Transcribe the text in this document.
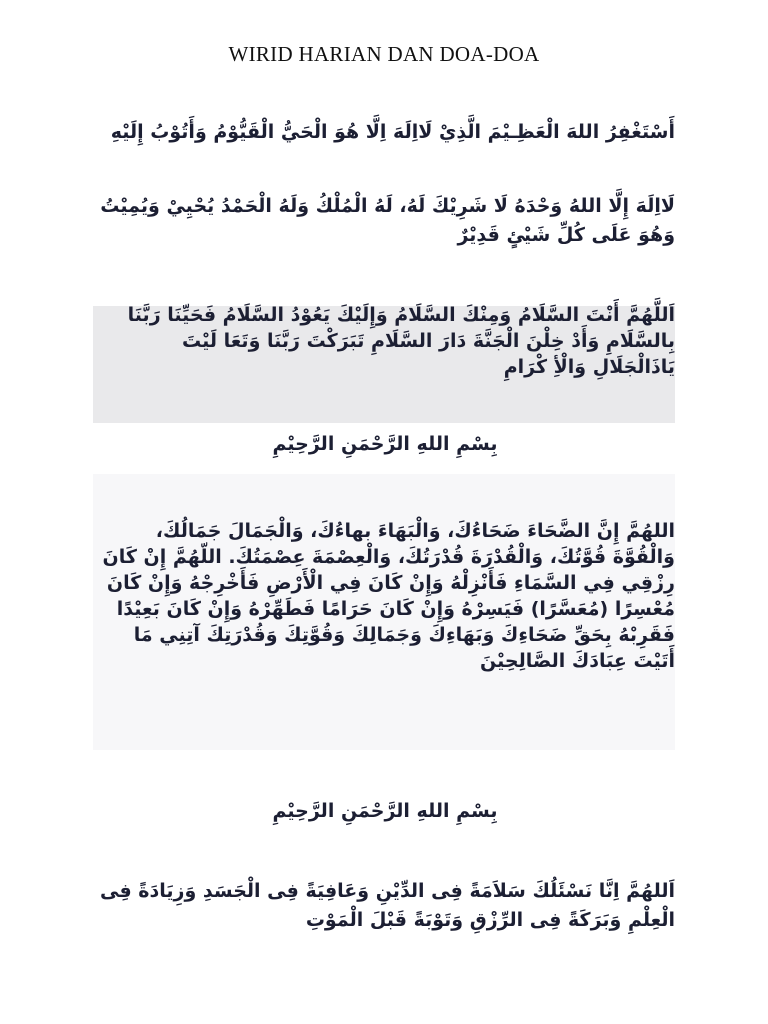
WIRID HARIAN DAN DOA-DOA
أَسْتَغْفِرُ اللهَ الْعَظِـيْمَ الَّذِيْ لَااِلَهَ اِلَّا هُوَ الْحَيُّ الْقَيُّوْمُ وَأَتُوْبُ إِلَيْهِ
لَااِلَهَ إِلَّا اللهُ وَحْدَهُ لَا شَرِيْكَ لَهُ، لَهُ الْمُلْكُ وَلَهُ الْحَمْدُ يُحْيِيْ وَيُمِيْتُ وَهُوَ عَلَى كُلِّ شَيْئٍ قَدِيْرٌ
اَللَّهُمَّ أَنْتَ السَّلَامُ وَمِنْكَ السَّلَامُ وَإِلَيْكَ يَعُوْدُ السَّلَامُ فَحَيِّنَا رَبَّنَا بِالسَّلَامِ وَأَدْ خِلْنَ الْجَنَّةَ دَارَ السَّلَامِ تَبَرَكْتَ رَبَّنَا وَتَعَا لَيْتَ يَاذَالْجَلَالِ وَالْأِ كْرَامِ
بِسْمِ اللهِ الرَّحْمَنِ الرَّحِيْمِ
اللهُمَّ إِنَّ الضَّحَاءَ ضَحَاءُكَ، وَالْبَهَاءَ بهاءُكَ، وَالْجَمَالَ جَمَالُكَ، وَالْقُوَّةَ قُوَّتُكَ، وَالْقُدْرَةَ قُدْرَتُكَ، وَالْعِصْمَةَ عِصْمَتُكَ. اللّهُمَّ إِنْ كَانَ رِزْقِي فِي السَّمَاءِ فَأَنْزِلْهُ وَإِنْ كَانَ فِي الْأَرْضِ فَأَخْرِجْهُ وَإِنْ كَانَ مُعْسِرًا (مُعَسَّرًا) فَيَسِرْهُ وَإِنْ كَانَ حَرَامًا فَطَهِّرْهُ وَإِنْ كَانَ بَعِيْدًا فَقَرِبْهُ بِحَقِّ ضَحَاءِكَ وَبَهَاءِكَ وَجَمَالِكَ وَقُوَّتِكَ وَقُدْرَتِكَ آتِنِي مَا أَتَيْتَ عِبَادَكَ الصَّالِحِيْنَ
بِسْمِ اللهِ الرَّحْمَنِ الرَّحِيْمِ
اَللهُمَّ اِنَّا نَسْئَلُكَ سَلاَمَةً فِى الدِّيْنِ وَعَافِيَةً فِى الْجَسَدِ وَزِيَادَةً فِى الْعِلْمِ وَبَرَكَةً فِى الرِّزْقِ وَتَوْبَةً قَبْلَ الْمَوْتِ
